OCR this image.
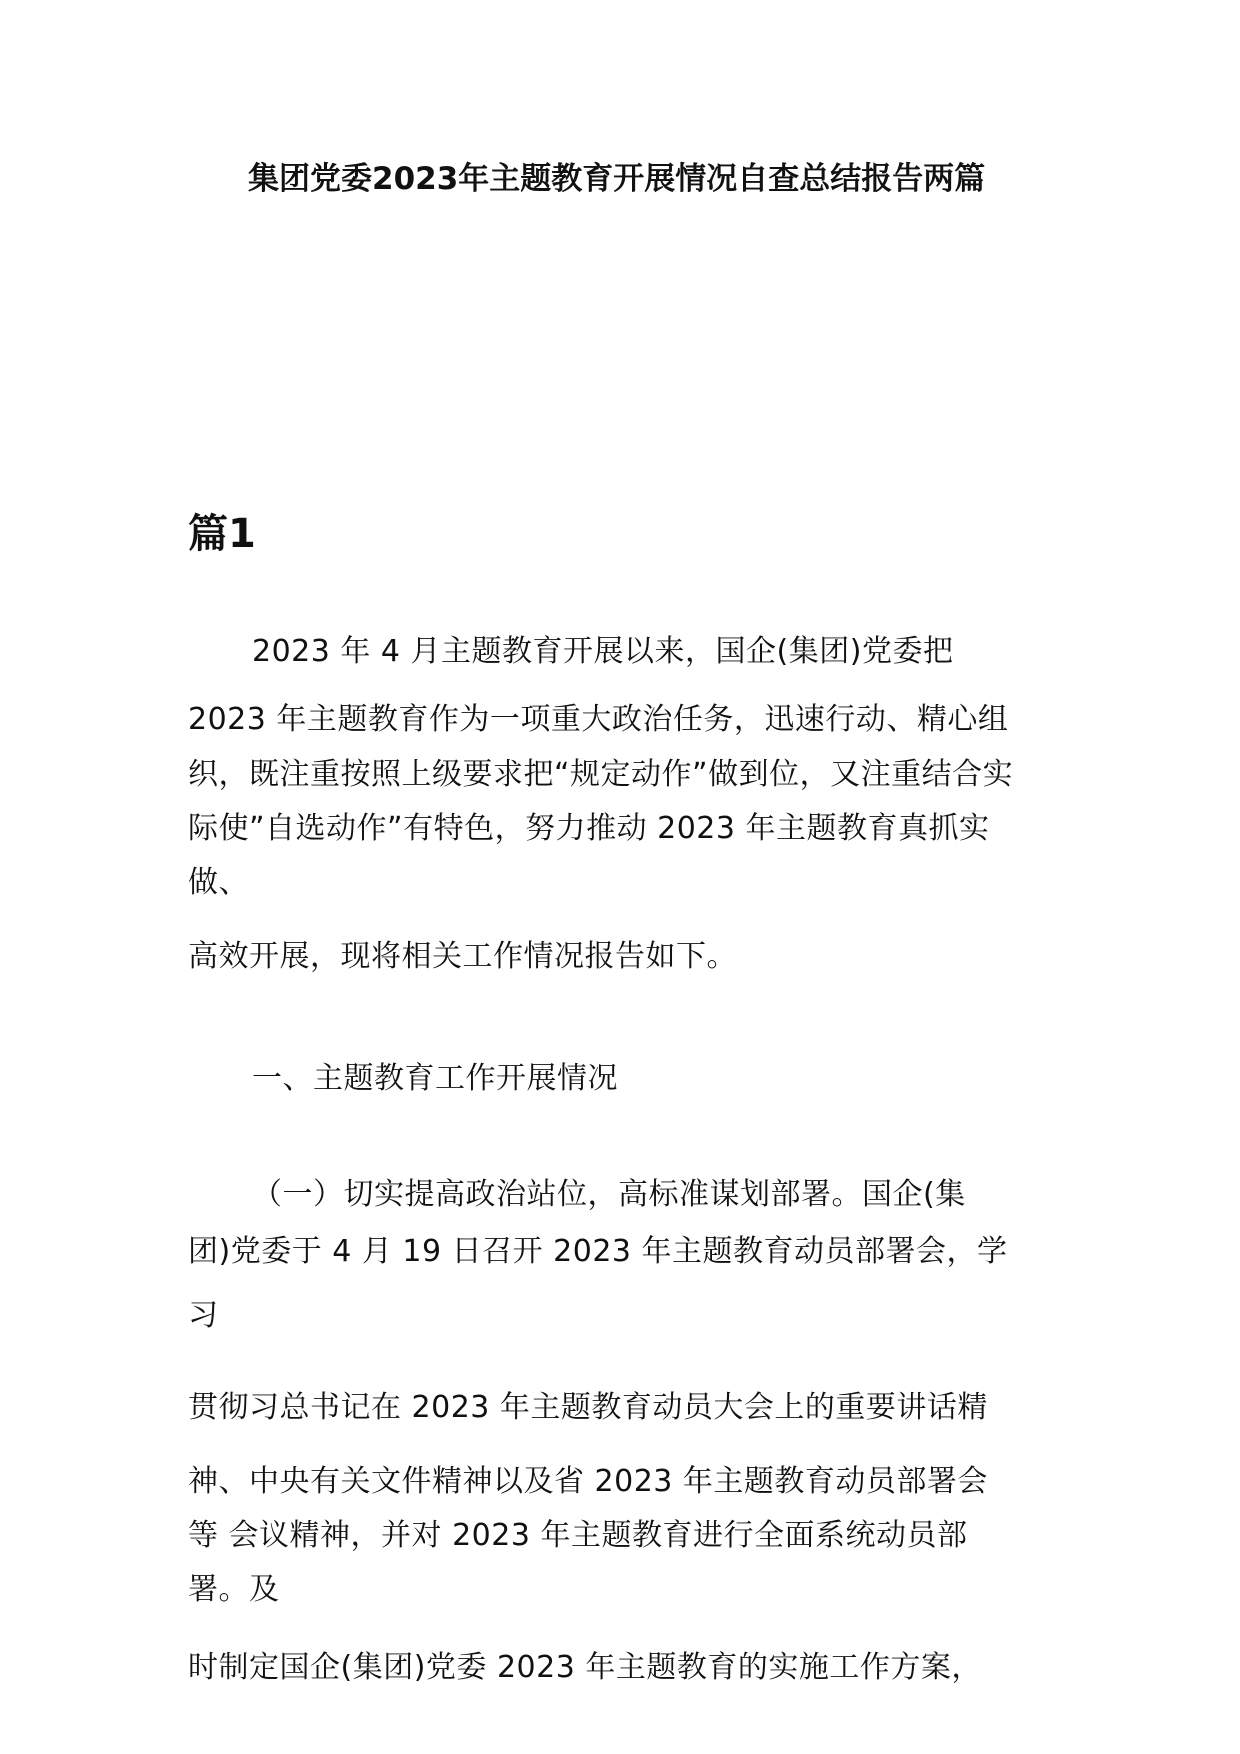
集团党委2023年主题教育开展情况自查总结报告两篇
篇1

2023 年 4 月主题教育开展以来，国企(集团)党委把

2023 年主题教育作为一项重大政治任务，迅速行动、精心组

织，既注重按照上级要求把“规定动作”做到位，又注重结合实

际使”自选动作”有特色，努力推动 2023 年主题教育真抓实

做、

高效开展，现将相关工作情况报告如下。

一、主题教育工作开展情况

（一）切实提高政治站位，高标准谋划部署。国企(集

团)党委于 4 月 19 日召开 2023 年主题教育动员部署会，学

习

贯彻习总书记在 2023 年主题教育动员大会上的重要讲话精

神、中央有关文件精神以及省 2023 年主题教育动员部署会

等 会议精神，并对 2023 年主题教育进行全面系统动员部

署。及

时制定国企(集团)党委 2023 年主题教育的实施工作方案，
